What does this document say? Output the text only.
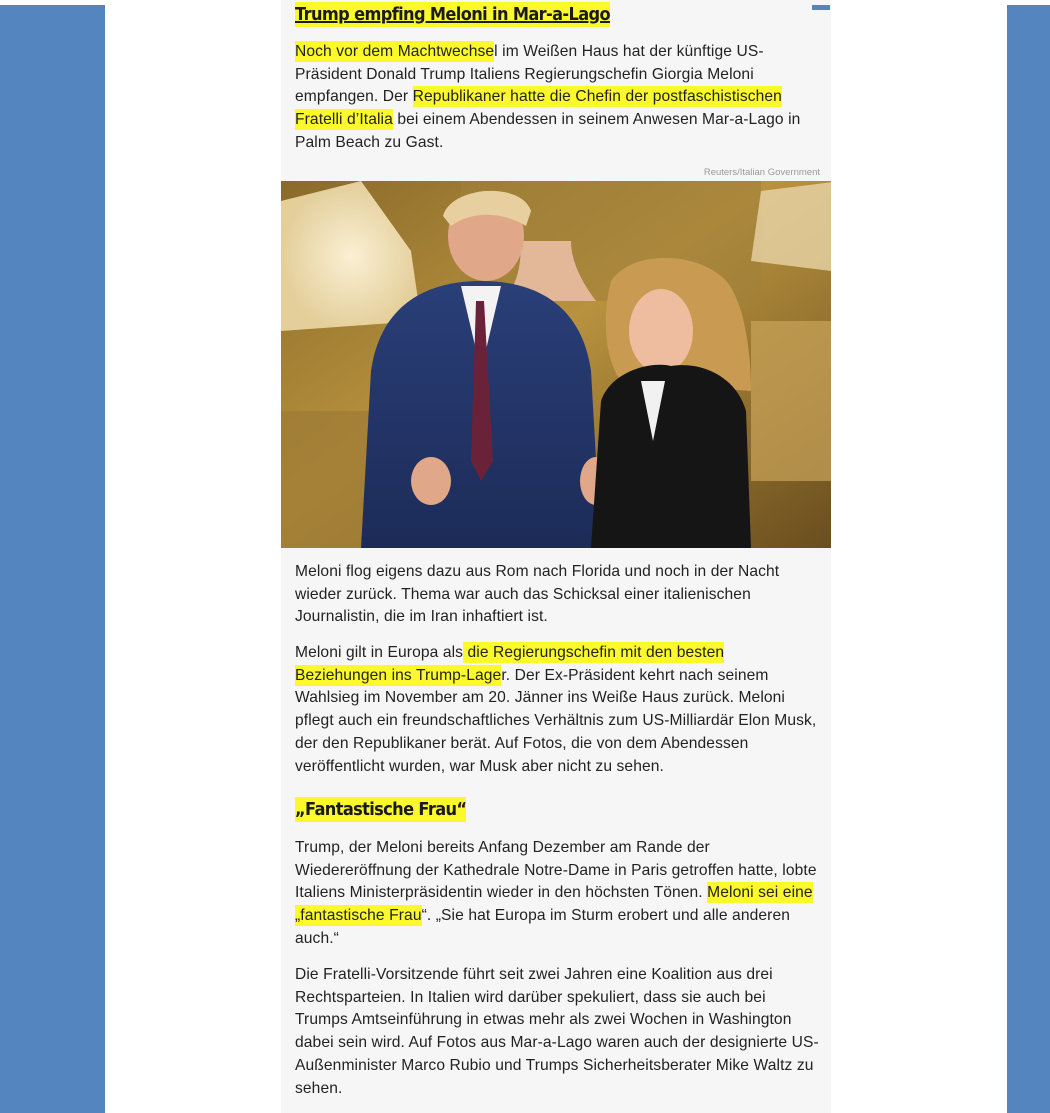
Trump empfing Meloni in Mar-a-Lago

Noch vor dem Machtwechsel im Weißen Haus hat der künftige US-Präsident Donald Trump Italiens Regierungschefin Giorgia Meloni empfangen. Der Republikaner hatte die Chefin der postfaschistischen Fratelli d’Italia bei einem Abendessen in seinem Anwesen Mar-a-Lago in Palm Beach zu Gast.

Reuters/Italian Government

Meloni flog eigens dazu aus Rom nach Florida und noch in der Nacht wieder zurück. Thema war auch das Schicksal einer italienischen Journalistin, die im Iran inhaftiert ist.

Meloni gilt in Europa als die Regierungschefin mit den besten Beziehungen ins Trump-Lager. Der Ex-Präsident kehrt nach seinem Wahlsieg im November am 20. Jänner ins Weiße Haus zurück. Meloni pflegt auch ein freundschaftliches Verhältnis zum US-Milliardär Elon Musk, der den Republikaner berät. Auf Fotos, die von dem Abendessen veröffentlicht wurden, war Musk aber nicht zu sehen.

„Fantastische Frau“

Trump, der Meloni bereits Anfang Dezember am Rande der Wiedereröffnung der Kathedrale Notre-Dame in Paris getroffen hatte, lobte Italiens Ministerpräsidentin wieder in den höchsten Tönen. Meloni sei eine „fantastische Frau“. „Sie hat Europa im Sturm erobert und alle anderen auch.“

Die Fratelli-Vorsitzende führt seit zwei Jahren eine Koalition aus drei Rechtsparteien. In Italien wird darüber spekuliert, dass sie auch bei Trumps Amtseinführung in etwas mehr als zwei Wochen in Washington dabei sein wird. Auf Fotos aus Mar-a-Lago waren auch der designierte US-Außenminister Marco Rubio und Trumps Sicherheitsberater Mike Waltz zu sehen.
